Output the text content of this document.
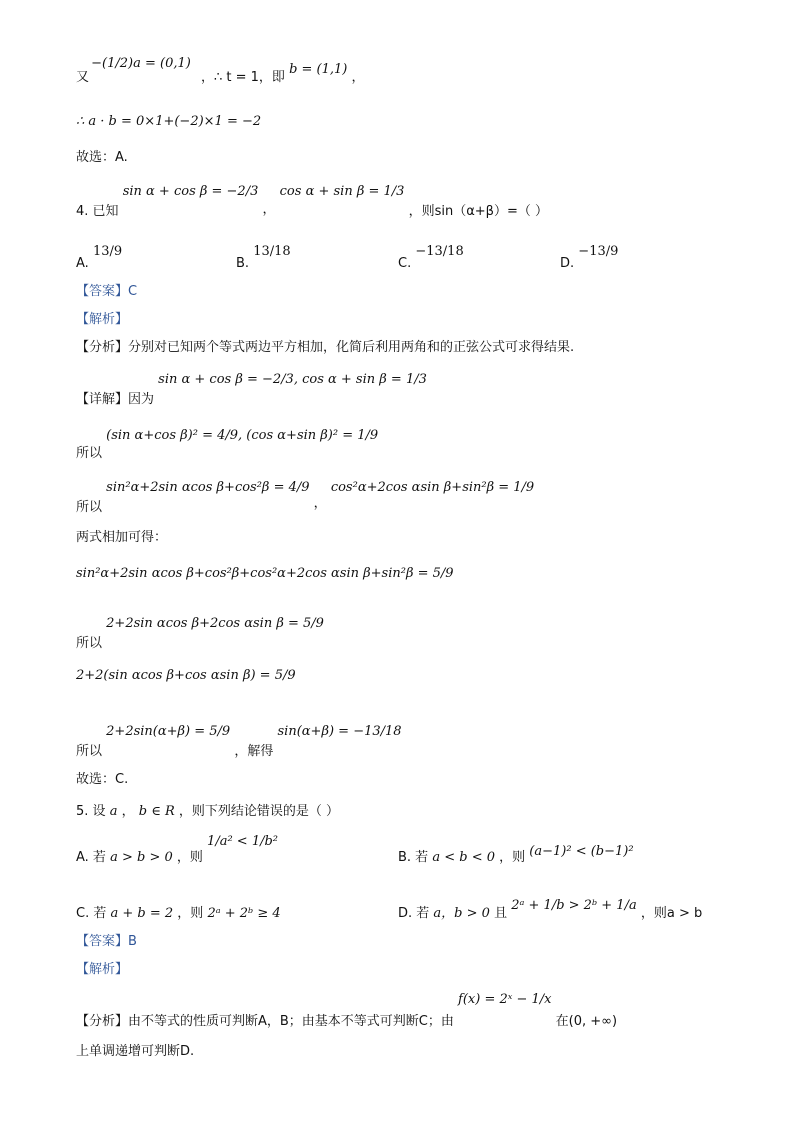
又 −(1/2)a = (0,1) ，∴ t = 1，即 b = (1,1) ，
∴ a · b = 0×1+(−2)×1 = −2
故选：A.
4. 已知 sin α + cos β = −2/3 ， cos α + sin β = 1/3 ，则sin（α+β）=（ ）
A. 13/9
B. 13/18
C. −13/18
D. −13/9
【答案】C
【解析】
【分析】分别对已知两个等式两边平方相加，化简后利用两角和的正弦公式可求得结果.
【详解】因为 sin α + cos β = −2/3, cos α + sin β = 1/3
所以 (sin α+cos β)² = 4/9, (cos α+sin β)² = 1/9
所以 sin²α+2sin αcos β+cos²β = 4/9 ， cos²α+2cos αsin β+sin²β = 1/9
两式相加可得：
sin²α+2sin αcos β+cos²β+cos²α+2cos αsin β+sin²β = 5/9
所以 2+2sin αcos β+2cos αsin β = 5/9
2+2(sin αcos β+cos αsin β) = 5/9
所以 2+2sin(α+β) = 5/9 ，解得 sin(α+β) = −13/18
故选：C.
5. 设 a ， b ∈ R ，则下列结论错误的是（ ）
A. 若 a > b > 0 ，则 1/a² < 1/b²
B. 若 a < b < 0 ，则 (a−1)² < (b−1)²
C. 若 a + b = 2 ，则 2ᵃ + 2ᵇ ≥ 4	D. 若 a，b > 0 且 2ᵃ + 1/b > 2ᵇ + 1/a ，则a > b
【答案】B
【解析】
【分析】由不等式的性质可判断A，B；由基本不等式可判断C；由 f(x) = 2ˣ − 1/x 在(0, +∞)
上单调递增可判断D.
